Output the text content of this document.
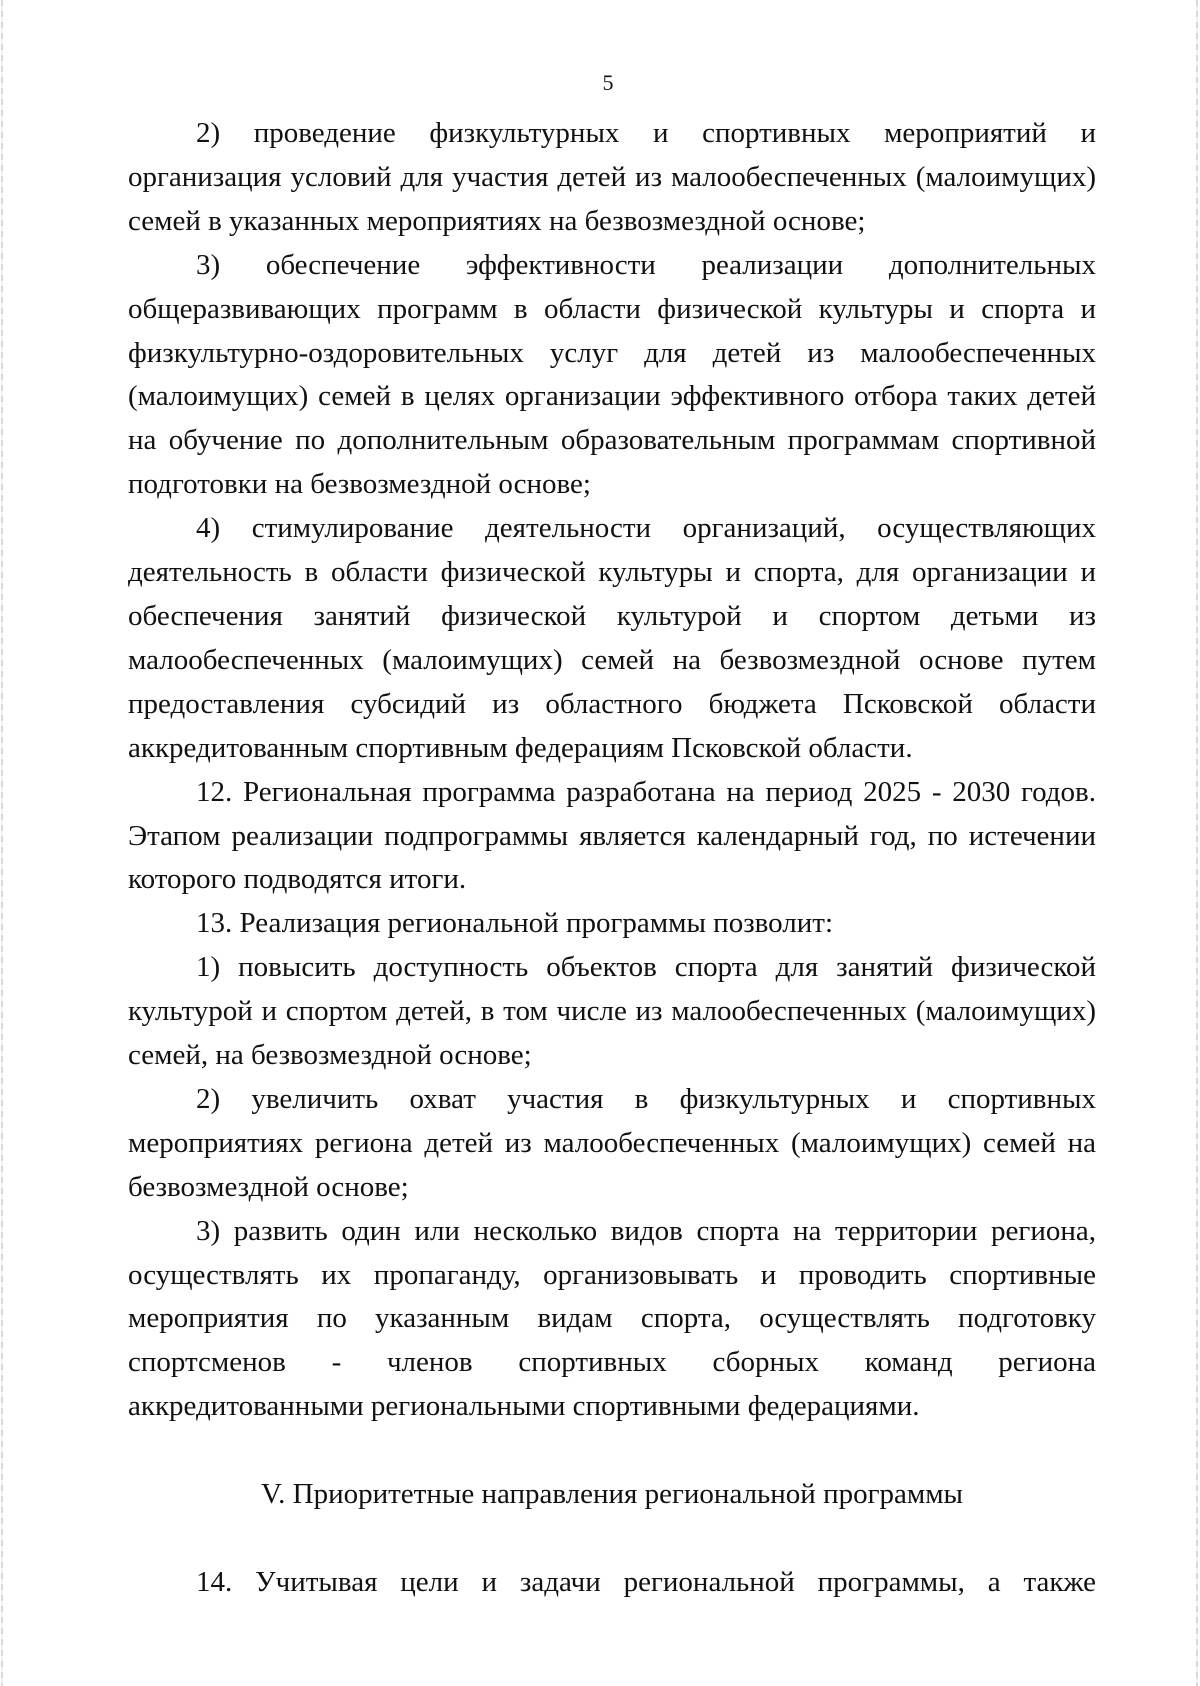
5

2) проведение физкультурных и спортивных мероприятий и организация условий для участия детей из малообеспеченных (малоимущих) семей в указанных мероприятиях на безвозмездной основе;

3) обеспечение эффективности реализации дополнительных общеразвивающих программ в области физической культуры и спорта и физкультурно-оздоровительных услуг для детей из малообеспеченных (малоимущих) семей в целях организации эффективного отбора таких детей на обучение по дополнительным образовательным программам спортивной подготовки на безвозмездной основе;

4) стимулирование деятельности организаций, осуществляющих деятельность в области физической культуры и спорта, для организации и обеспечения занятий физической культурой и спортом детьми из малообеспеченных (малоимущих) семей на безвозмездной основе путем предоставления субсидий из областного бюджета Псковской области аккредитованным спортивным федерациям Псковской области.

12. Региональная программа разработана на период 2025 - 2030 годов. Этапом реализации подпрограммы является календарный год, по истечении которого подводятся итоги.

13. Реализация региональной программы позволит:

1) повысить доступность объектов спорта для занятий физической культурой и спортом детей, в том числе из малообеспеченных (малоимущих) семей, на безвозмездной основе;

2) увеличить охват участия в физкультурных и спортивных мероприятиях региона детей из малообеспеченных (малоимущих) семей на безвозмездной основе;

3) развить один или несколько видов спорта на территории региона, осуществлять их пропаганду, организовывать и проводить спортивные мероприятия по указанным видам спорта, осуществлять подготовку спортсменов - членов спортивных сборных команд региона аккредитованными региональными спортивными федерациями.

V. Приоритетные направления региональной программы

14. Учитывая цели и задачи региональной программы, а также
